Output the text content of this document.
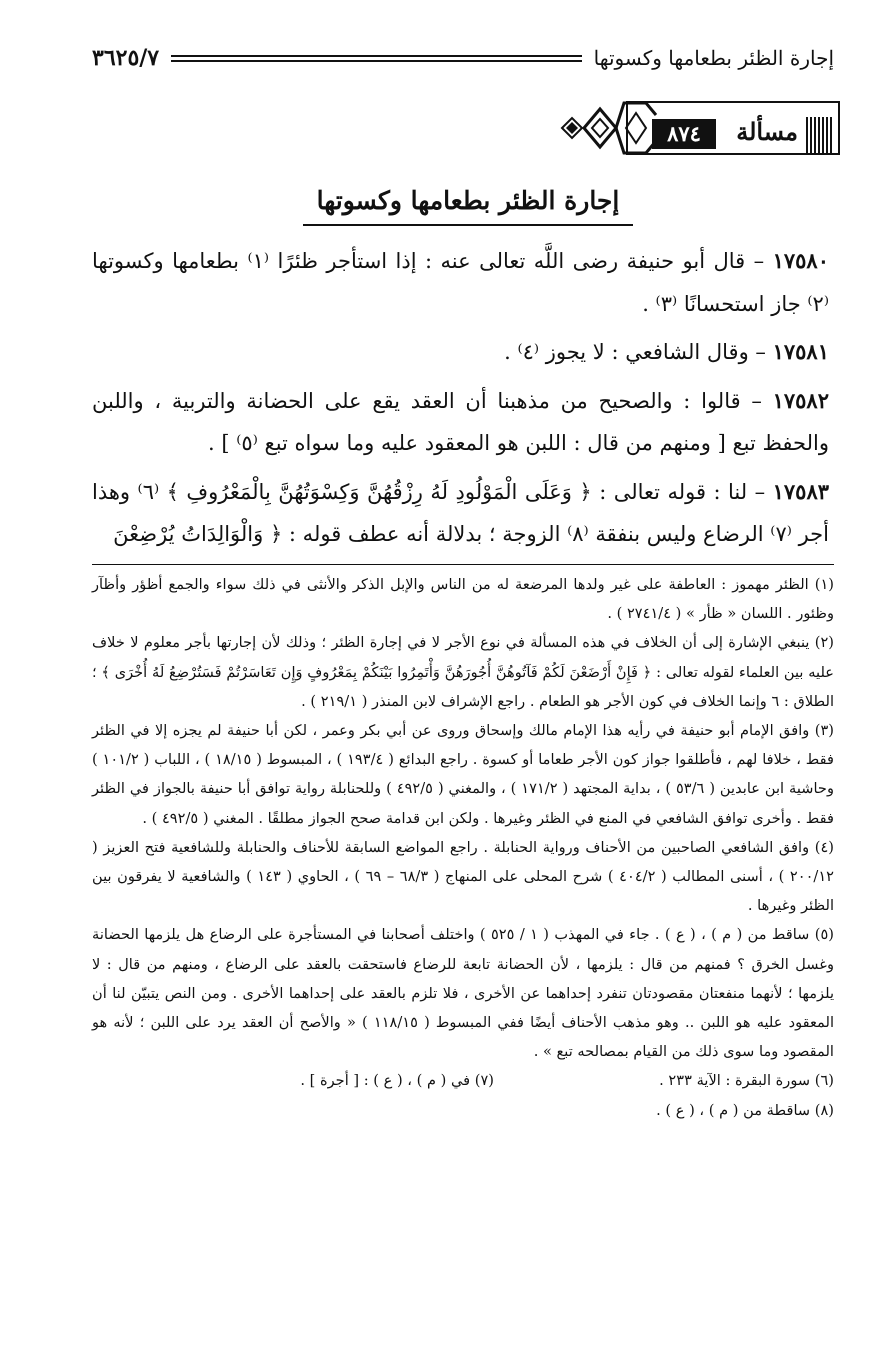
إجارة الظئر بطعامها وكسوتها
٣٦٢٥/٧
مسألة
٨٧٤
إجارة الظئر بطعامها وكسوتها

١٧٥٨٠ – قال أبو حنيفة رضى اللَّه تعالى عنه : إذا استأجر ظئرًا ⁽١⁾ بطعامها وكسوتها ⁽٢⁾ جاز استحسانًا ⁽٣⁾ .

١٧٥٨١ – وقال الشافعي : لا يجوز ⁽٤⁾ .

١٧٥٨٢ – قالوا : والصحيح من مذهبنا أن العقد يقع على الحضانة والتربية ، واللبن والحفظ تبع [ ومنهم من قال : اللبن هو المعقود عليه وما سواه تبع ⁽٥⁾ ] .

١٧٥٨٣ – لنا : قوله تعالى : ﴿ وَعَلَى الْمَوْلُودِ لَهُ رِزْقُهُنَّ وَكِسْوَتُهُنَّ بِالْمَعْرُوفِ ﴾ ⁽٦⁾ وهذا أجر ⁽٧⁾ الرضاع وليس بنفقة ⁽٨⁾ الزوجة ؛ بدلالة أنه عطف قوله : ﴿ وَالْوَالِدَاتُ يُرْضِعْنَ

(١) الظئر مهموز : العاطفة على غير ولدها المرضعة له من الناس والإبل الذكر والأنثى في ذلك سواء والجمع أظؤر وأظآر وظئور . اللسان « ظأر » ( ٢٧٤١/٤ ) .

(٢) ينبغي الإشارة إلى أن الخلاف في هذه المسألة في نوع الأجر لا في إجارة الظئر ؛ وذلك لأن إجارتها بأجر معلوم لا خلاف عليه بين العلماء لقوله تعالى : ﴿ فَإِنْ أَرْضَعْنَ لَكُمْ فَآتُوهُنَّ أُجُورَهُنَّ وَأْتَمِرُوا بَيْنَكُمْ بِمَعْرُوفٍ وَإِن تَعَاسَرْتُمْ فَسَتُرْضِعُ لَهُ أُخْرَى ﴾ ؛ الطلاق : ٦ وإنما الخلاف في كون الأجر هو الطعام . راجع الإشراف لابن المنذر ( ٢١٩/١ ) .

(٣) وافق الإمام أبو حنيفة في رأيه هذا الإمام مالك وإسحاق وروى عن أبي بكر وعمر ، لكن أبا حنيفة لم يجزه إلا في الظئر فقط ، خلافا لهم ، فأطلقوا جواز كون الأجر طعاما أو كسوة . راجع البدائع ( ١٩٣/٤ ) ، المبسوط ( ١٨/١٥ ) ، اللباب ( ١٠١/٢ ) وحاشية ابن عابدين ( ٥٣/٦ ) ، بداية المجتهد ( ١٧١/٢ ) ، والمغني ( ٤٩٢/٥ ) وللحنابلة رواية توافق أبا حنيفة بالجواز في الظئر فقط . وأخرى توافق الشافعي في المنع في الظئر وغيرها . ولكن ابن قدامة صحح الجواز مطلقًا . المغني ( ٤٩٢/٥ ) .

(٤) وافق الشافعي الصاحبين من الأحناف ورواية الحنابلة . راجع المواضع السابقة للأحناف والحنابلة وللشافعية فتح العزيز ( ٢٠٠/١٢ ) ، أسنى المطالب ( ٤٠٤/٢ ) شرح المحلى على المنهاج ( ٦٨/٣ – ٦٩ ) ، الحاوي ( ١٤٣ ) والشافعية لا يفرقون بين الظئر وغيرها .

(٥) ساقط من ( م ) ، ( ع ) . جاء في المهذب ( ١ / ٥٢٥ ) واختلف أصحابنا في المستأجرة على الرضاع هل يلزمها الحضانة وغسل الخرق ؟ فمنهم من قال : يلزمها ، لأن الحضانة تابعة للرضاع فاستحقت بالعقد على الرضاع ، ومنهم من قال : لا يلزمها ؛ لأنهما منفعتان مقصودتان تنفرد إحداهما عن الأخرى ، فلا تلزم بالعقد على إحداهما الأخرى . ومن النص يتبيّن لنا أن المعقود عليه هو اللبن .. وهو مذهب الأحناف أيضًا ففي المبسوط ( ١١٨/١٥ ) « والأصح أن العقد يرد على اللبن ؛ لأنه هو المقصود وما سوى ذلك من القيام بمصالحه تبع » .

(٦) سورة البقرة : الآية ٢٣٣ .
(٧) في ( م ) ، ( ع ) : [ أجرة ] .

(٨) ساقطة من ( م ) ، ( ع ) .
